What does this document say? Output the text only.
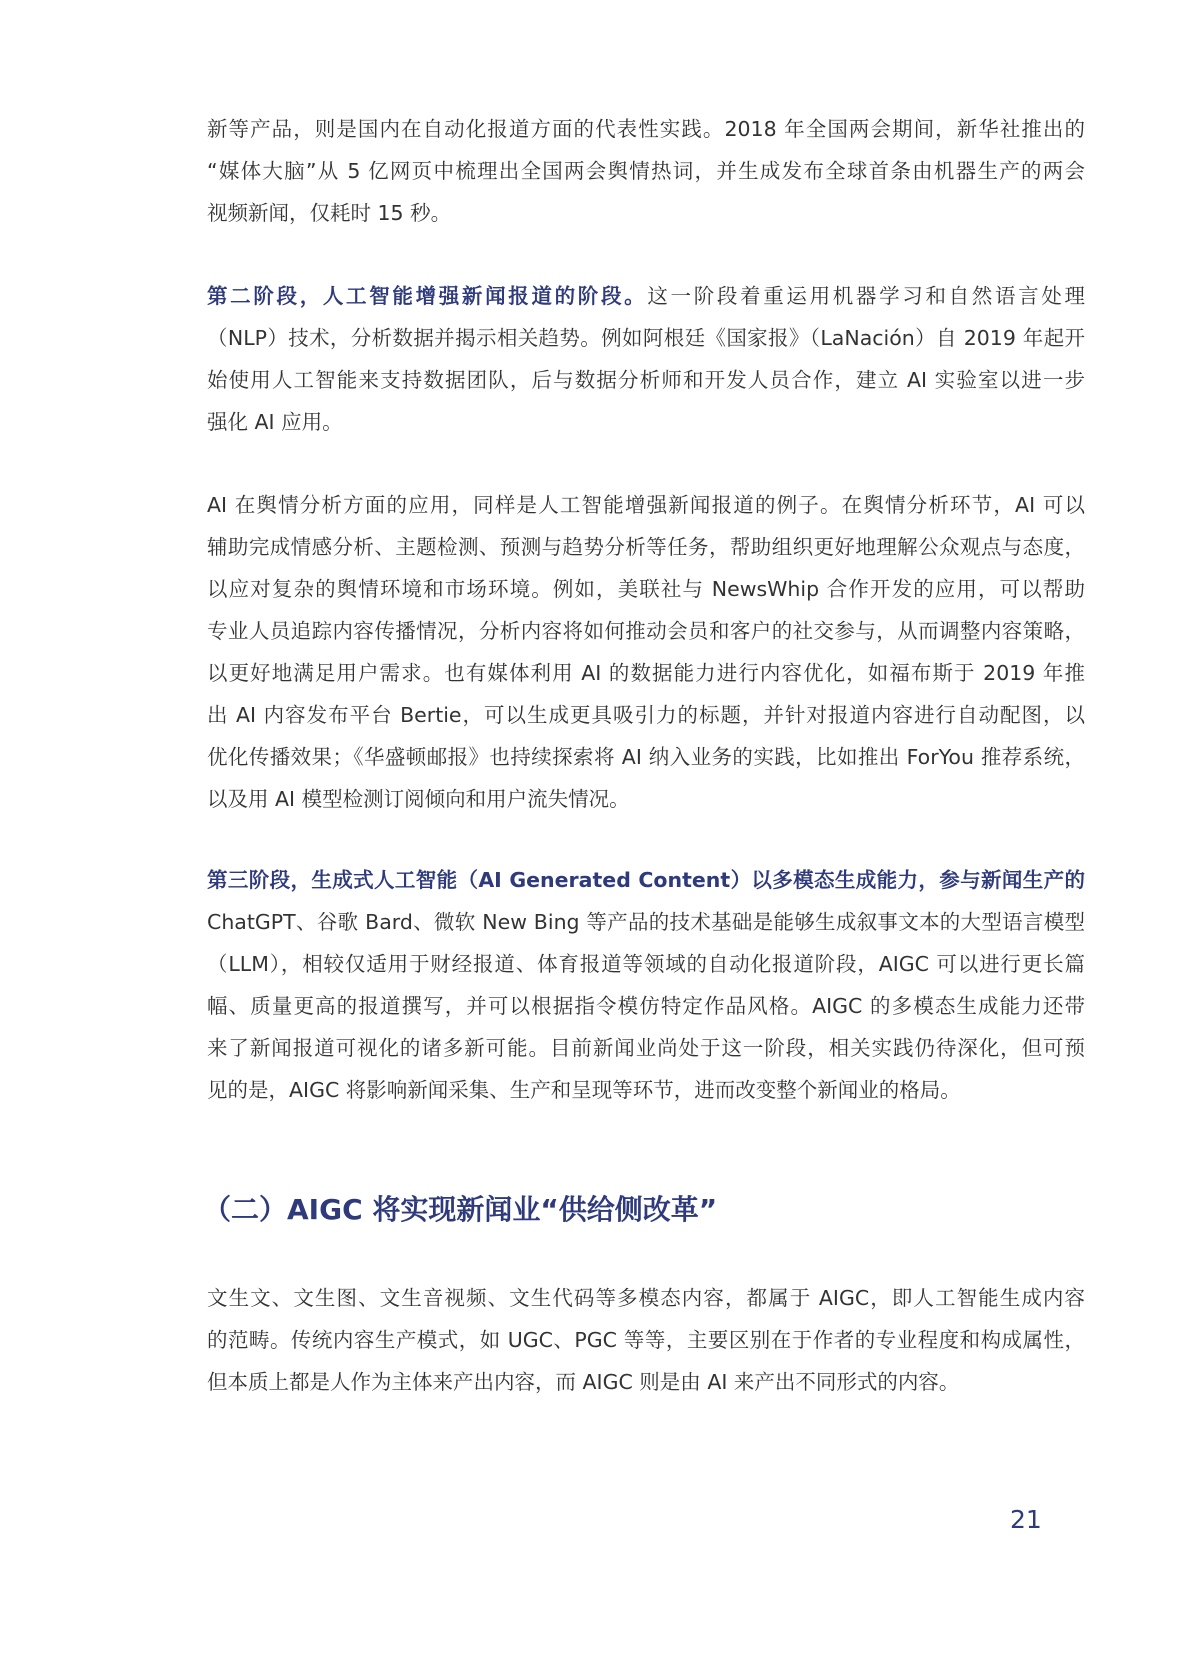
新等产品，则是国内在自动化报道方面的代表性实践。2018 年全国两会期间，新华社推出的
“媒体大脑”从 5 亿网页中梳理出全国两会舆情热词，并生成发布全球首条由机器生产的两会
视频新闻，仅耗时 15 秒。
第二阶段，人工智能增强新闻报道的阶段。这一阶段着重运用机器学习和自然语言处理
（NLP）技术，分析数据并揭示相关趋势。例如阿根廷《国家报》（LaNación）自 2019 年起开
始使用人工智能来支持数据团队，后与数据分析师和开发人员合作，建立 AI 实验室以进一步
强化 AI 应用。
AI 在舆情分析方面的应用，同样是人工智能增强新闻报道的例子。在舆情分析环节，AI 可以
辅助完成情感分析、主题检测、预测与趋势分析等任务，帮助组织更好地理解公众观点与态度，
以应对复杂的舆情环境和市场环境。例如，美联社与 NewsWhip 合作开发的应用，可以帮助
专业人员追踪内容传播情况，分析内容将如何推动会员和客户的社交参与，从而调整内容策略，
以更好地满足用户需求。也有媒体利用 AI 的数据能力进行内容优化，如福布斯于 2019 年推
出 AI 内容发布平台 Bertie，可以生成更具吸引力的标题，并针对报道内容进行自动配图，以
优化传播效果；《华盛顿邮报》也持续探索将 AI 纳入业务的实践，比如推出 ForYou 推荐系统，
以及用 AI 模型检测订阅倾向和用户流失情况。
第三阶段，生成式人工智能（AI Generated Content）以多模态生成能力，参与新闻生产的
ChatGPT、谷歌 Bard、微软 New Bing 等产品的技术基础是能够生成叙事文本的大型语言模型
（LLM），相较仅适用于财经报道、体育报道等领域的自动化报道阶段，AIGC 可以进行更长篇
幅、质量更高的报道撰写，并可以根据指令模仿特定作品风格。AIGC 的多模态生成能力还带
来了新闻报道可视化的诸多新可能。目前新闻业尚处于这一阶段，相关实践仍待深化，但可预
见的是，AIGC 将影响新闻采集、生产和呈现等环节，进而改变整个新闻业的格局。
（二）AIGC 将实现新闻业“供给侧改革”
文生文、文生图、文生音视频、文生代码等多模态内容，都属于 AIGC，即人工智能生成内容
的范畴。传统内容生产模式，如 UGC、PGC 等等，主要区别在于作者的专业程度和构成属性，
但本质上都是人作为主体来产出内容，而 AIGC 则是由 AI 来产出不同形式的内容。
21
